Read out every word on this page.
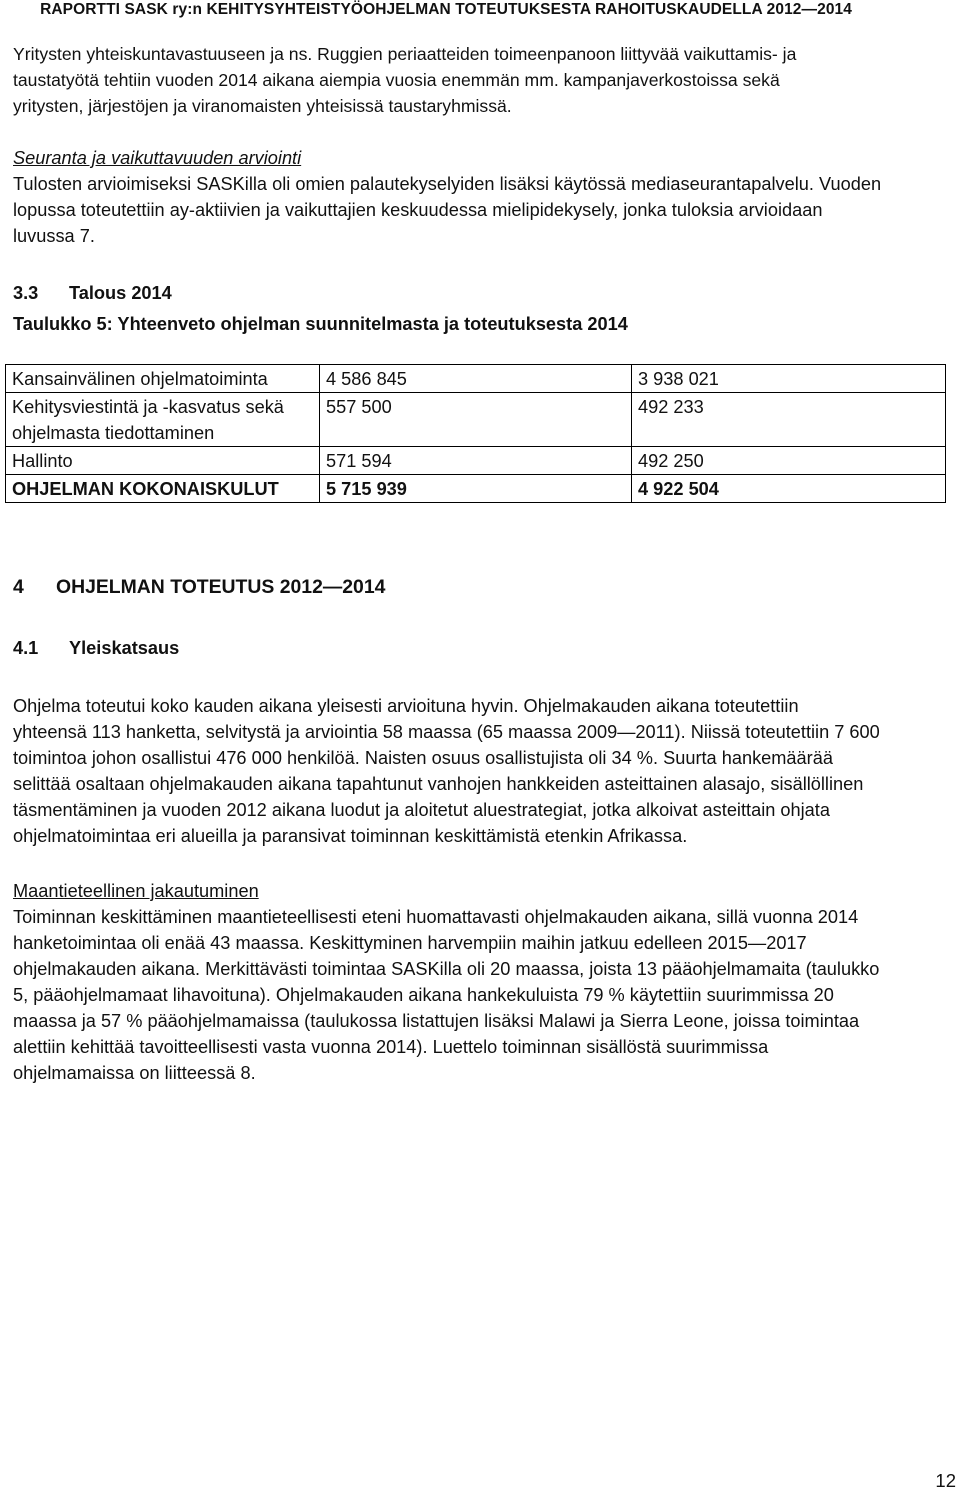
RAPORTTI SASK ry:n KEHITYSYHTEISTYÖOHJELMAN TOTEUTUKSESTA RAHOITUSKAUDELLA 2012—2014

Yritysten yhteiskuntavastuuseen ja ns. Ruggien periaatteiden toimeenpanoon liittyvää vaikuttamis- ja
taustatyötä tehtiin vuoden 2014 aikana aiempia vuosia enemmän mm. kampanjaverkostoissa sekä
yritysten, järjestöjen ja viranomaisten yhteisissä taustaryhmissä.

Seuranta ja vaikuttavuuden arviointi
Tulosten arvioimiseksi SASKilla oli omien palautekyselyiden lisäksi käytössä mediaseurantapalvelu. Vuoden
lopussa toteutettiin ay-aktiivien ja vaikuttajien keskuudessa mielipidekysely, jonka tuloksia arvioidaan
luvussa 7.

3.3 Talous 2014
Taulukko 5: Yhteenveto ohjelman suunnitelmasta ja toteutuksesta 2014
Kansainvälinen ohjelmatoiminta	4 586 845	3 938 021
Kehitysviestintä ja -kasvatus sekä ohjelmasta tiedottaminen	557 500	492 233
Hallinto	571 594	492 250
OHJELMAN KOKONAISKULUT	5 715 939	4 922 504
4 OHJELMAN TOTEUTUS 2012—2014
4.1 Yleiskatsaus

Ohjelma toteutui koko kauden aikana yleisesti arvioituna hyvin. Ohjelmakauden aikana toteutettiin
yhteensä 113 hanketta, selvitystä ja arviointia 58 maassa (65 maassa 2009—2011). Niissä toteutettiin 7 600
toimintoa johon osallistui 476 000 henkilöä. Naisten osuus osallistujista oli 34 %. Suurta hankemäärää
selittää osaltaan ohjelmakauden aikana tapahtunut vanhojen hankkeiden asteittainen alasajo, sisällöllinen
täsmentäminen ja vuoden 2012 aikana luodut ja aloitetut aluestrategiat, jotka alkoivat asteittain ohjata
ohjelmatoimintaa eri alueilla ja paransivat toiminnan keskittämistä etenkin Afrikassa.

Maantieteellinen jakautuminen
Toiminnan keskittäminen maantieteellisesti eteni huomattavasti ohjelmakauden aikana, sillä vuonna 2014
hanketoimintaa oli enää 43 maassa. Keskittyminen harvempiin maihin jatkuu edelleen 2015—2017
ohjelmakauden aikana. Merkittävästi toimintaa SASKilla oli 20 maassa, joista 13 pääohjelmamaita (taulukko
5, pääohjelmamaat lihavoituna). Ohjelmakauden aikana hankekuluista 79 % käytettiin suurimmissa 20
maassa ja 57 % pääohjelmamaissa (taulukossa listattujen lisäksi Malawi ja Sierra Leone, joissa toimintaa
alettiin kehittää tavoitteellisesti vasta vuonna 2014). Luettelo toiminnan sisällöstä suurimmissa
ohjelmamaissa on liitteessä 8.

12
